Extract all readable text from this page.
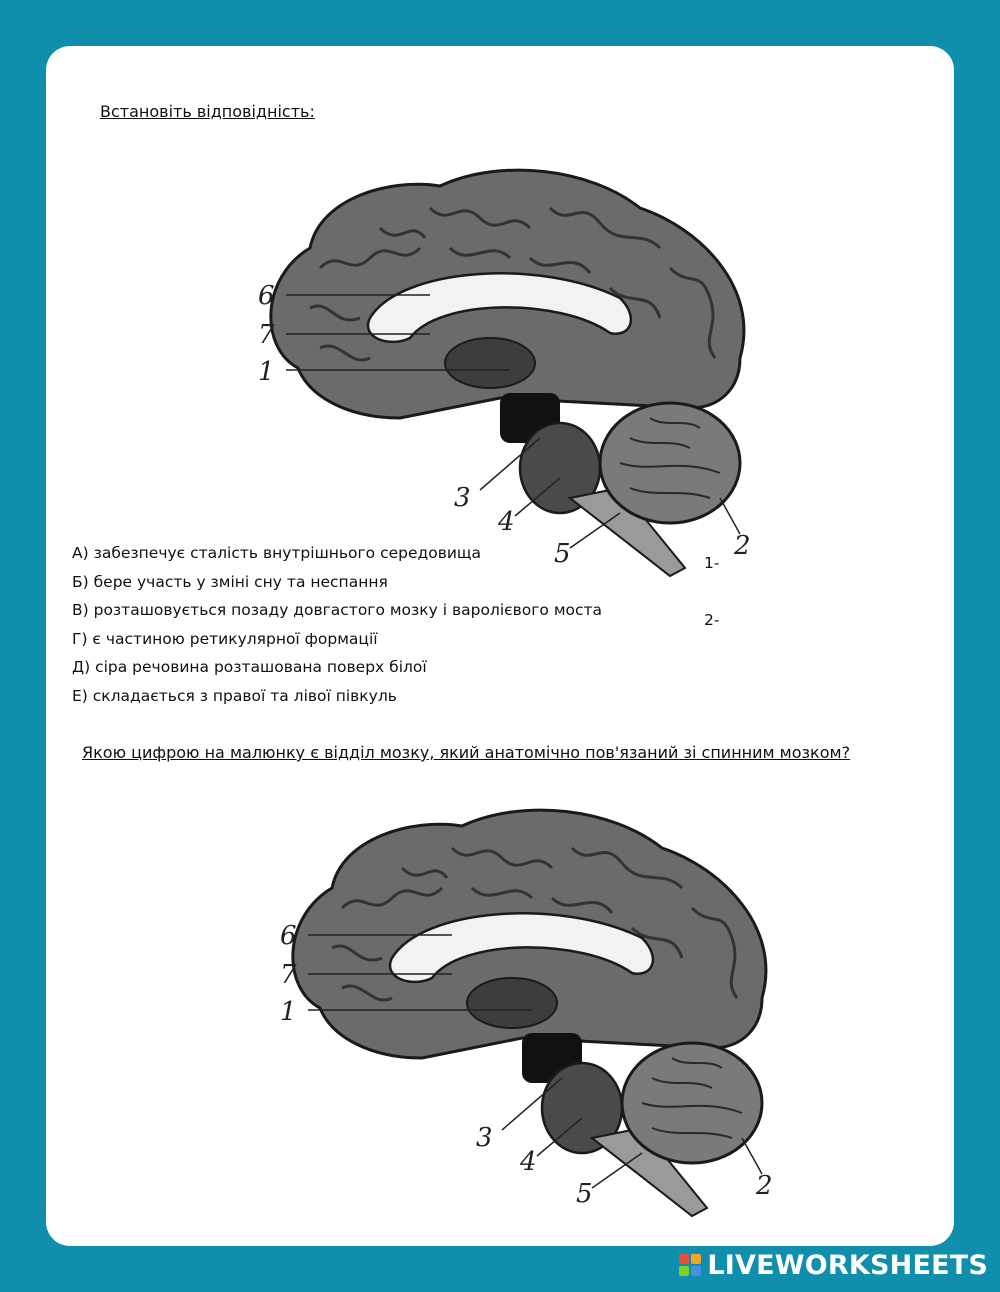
Встановіть відповідність:
6
7
1
3
4
5	2
А) забезпечує сталість внутрішнього середовища
Б) бере участь у зміні сну та неспання
В) розташовується позаду довгастого мозку і варолієвого моста
Г) є частиною ретикулярної формації
Д) сіра речовина розташована поверх білої
Е) складається з правої та лівої півкуль
1-
2-
Якою цифрою на малюнку є відділ мозку, який анатомічно пов'язаний зі спинним мозком?
6
7
1
3
4
5	2
LIVEWORKSHEETS
